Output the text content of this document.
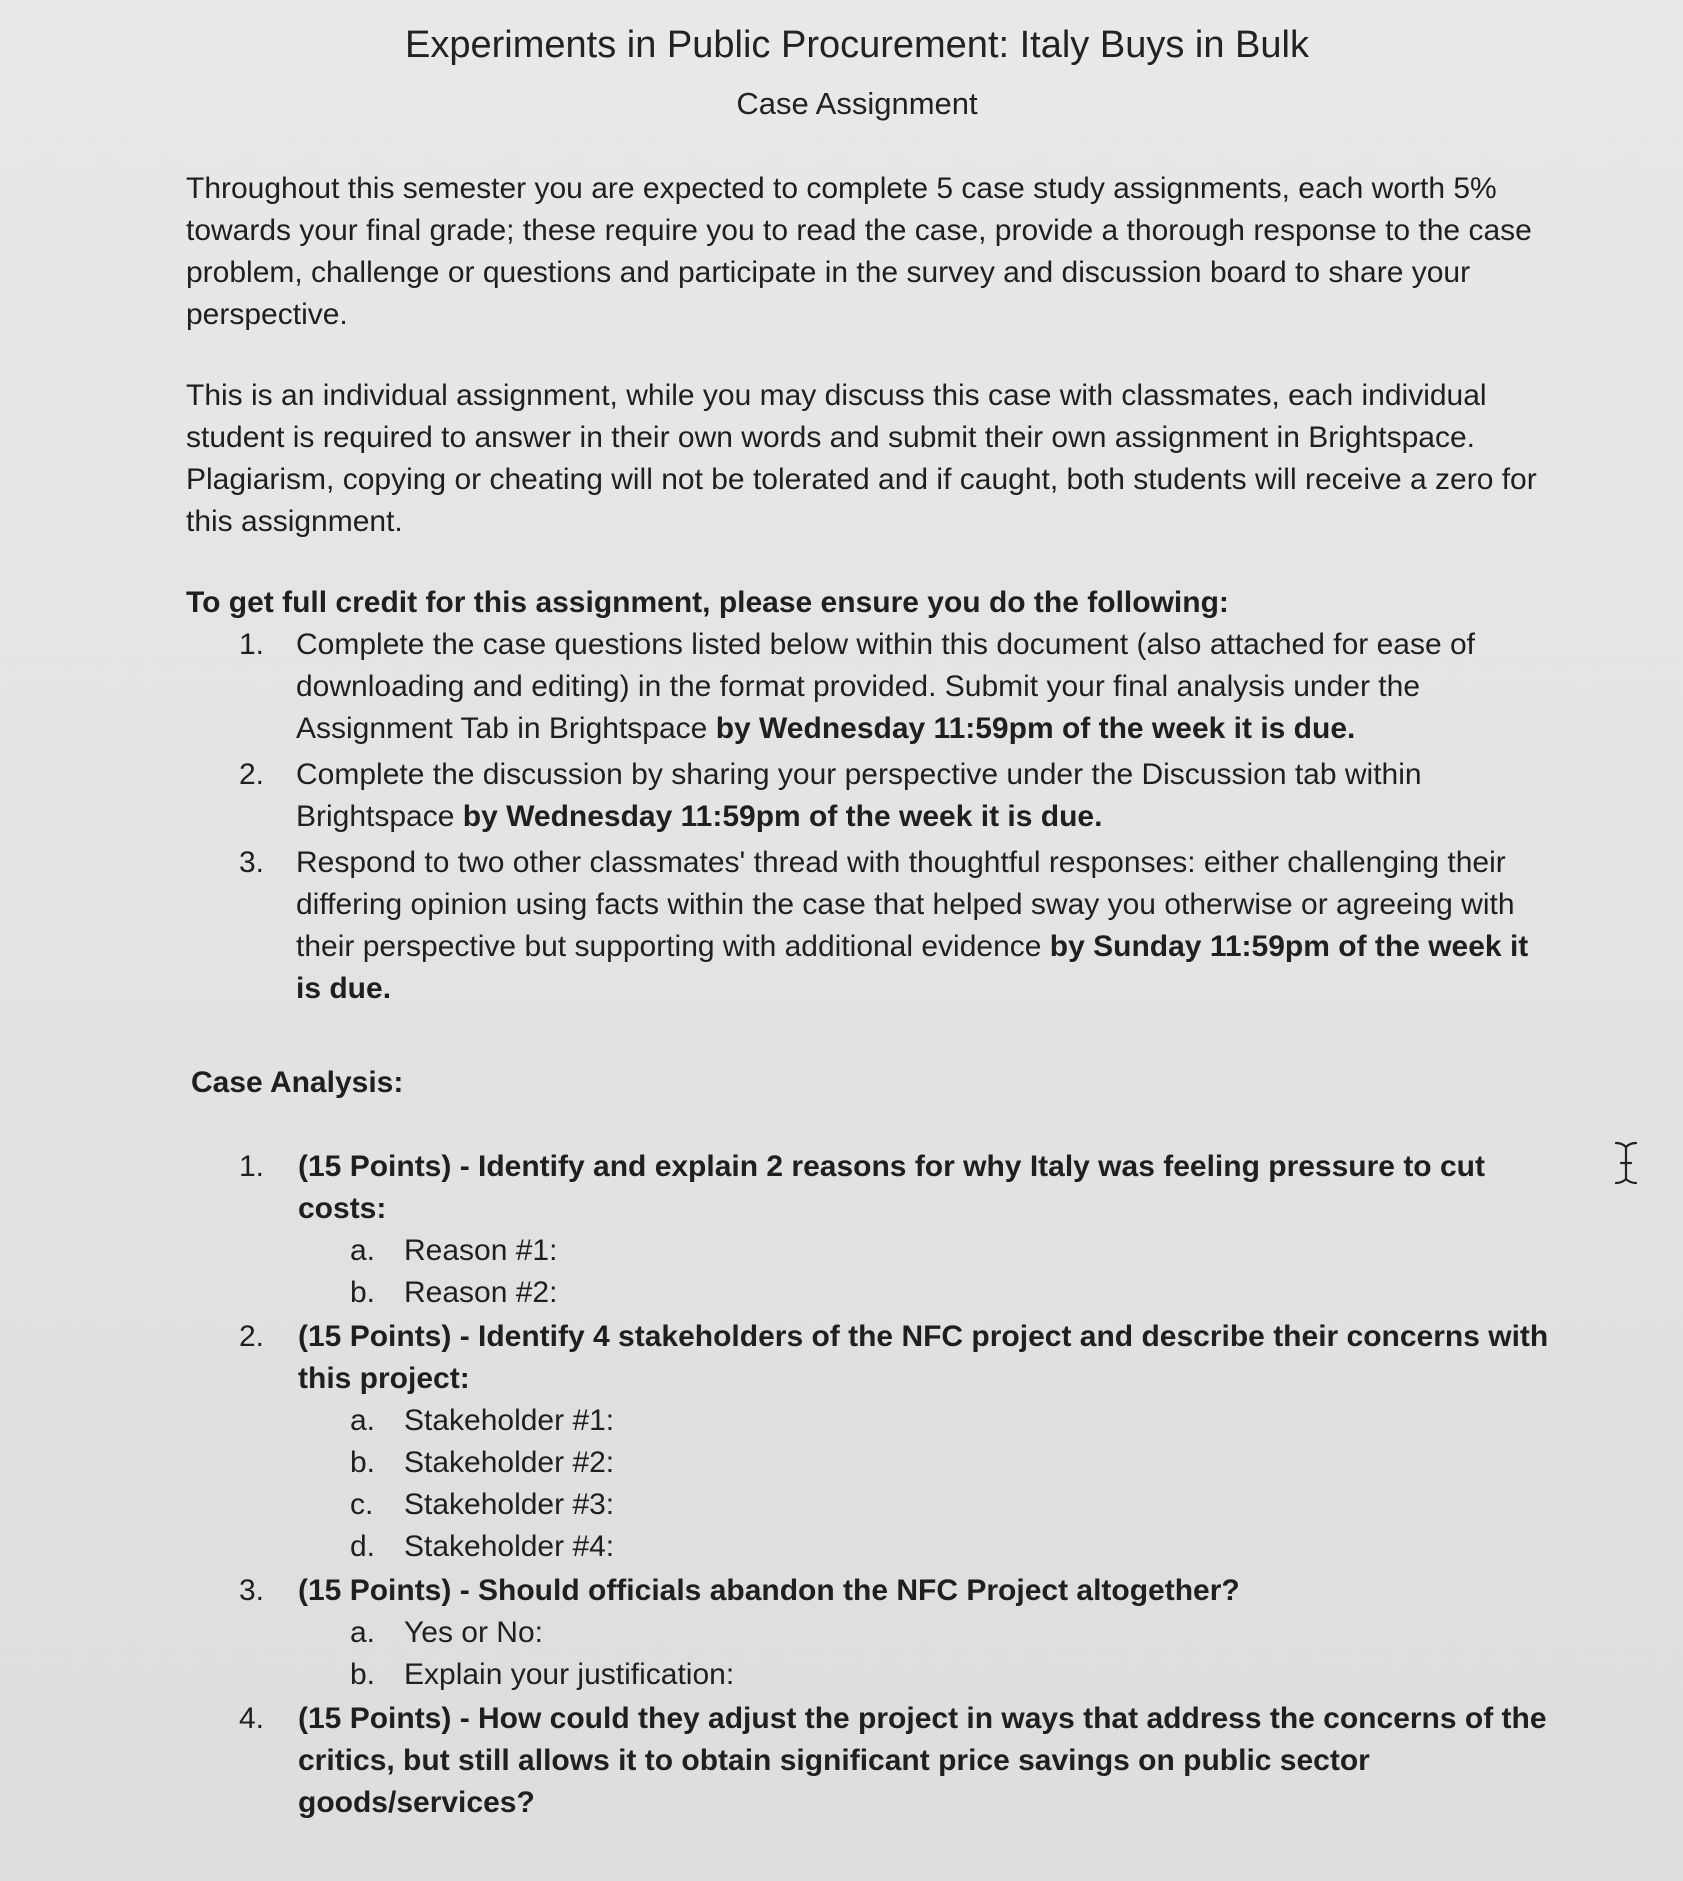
Experiments in Public Procurement: Italy Buys in Bulk
Case Assignment

Throughout this semester you are expected to complete 5 case study assignments, each worth 5% towards your final grade; these require you to read the case, provide a thorough response to the case problem, challenge or questions and participate in the survey and discussion board to share your perspective.

This is an individual assignment, while you may discuss this case with classmates, each individual student is required to answer in their own words and submit their own assignment in Brightspace. Plagiarism, copying or cheating will not be tolerated and if caught, both students will receive a zero for this assignment.

To get full credit for this assignment, please ensure you do the following:

1. Complete the case questions listed below within this document (also attached for ease of downloading and editing) in the format provided. Submit your final analysis under the Assignment Tab in Brightspace by Wednesday 11:59pm of the week it is due.
2. Complete the discussion by sharing your perspective under the Discussion tab within Brightspace by Wednesday 11:59pm of the week it is due.
3. Respond to two other classmates' thread with thoughtful responses: either challenging their differing opinion using facts within the case that helped sway you otherwise or agreeing with their perspective but supporting with additional evidence by Sunday 11:59pm of the week it is due.

Case Analysis:

1. (15 Points) - Identify and explain 2 reasons for why Italy was feeling pressure to cut costs:
a. Reason #1:
b. Reason #2:
2. (15 Points) - Identify 4 stakeholders of the NFC project and describe their concerns with this project:
a. Stakeholder #1:
b. Stakeholder #2:
c. Stakeholder #3:
d. Stakeholder #4:
3. (15 Points) - Should officials abandon the NFC Project altogether?
a. Yes or No:
b. Explain your justification:
4. (15 Points) - How could they adjust the project in ways that address the concerns of the critics, but still allows it to obtain significant price savings on public sector goods/services?
